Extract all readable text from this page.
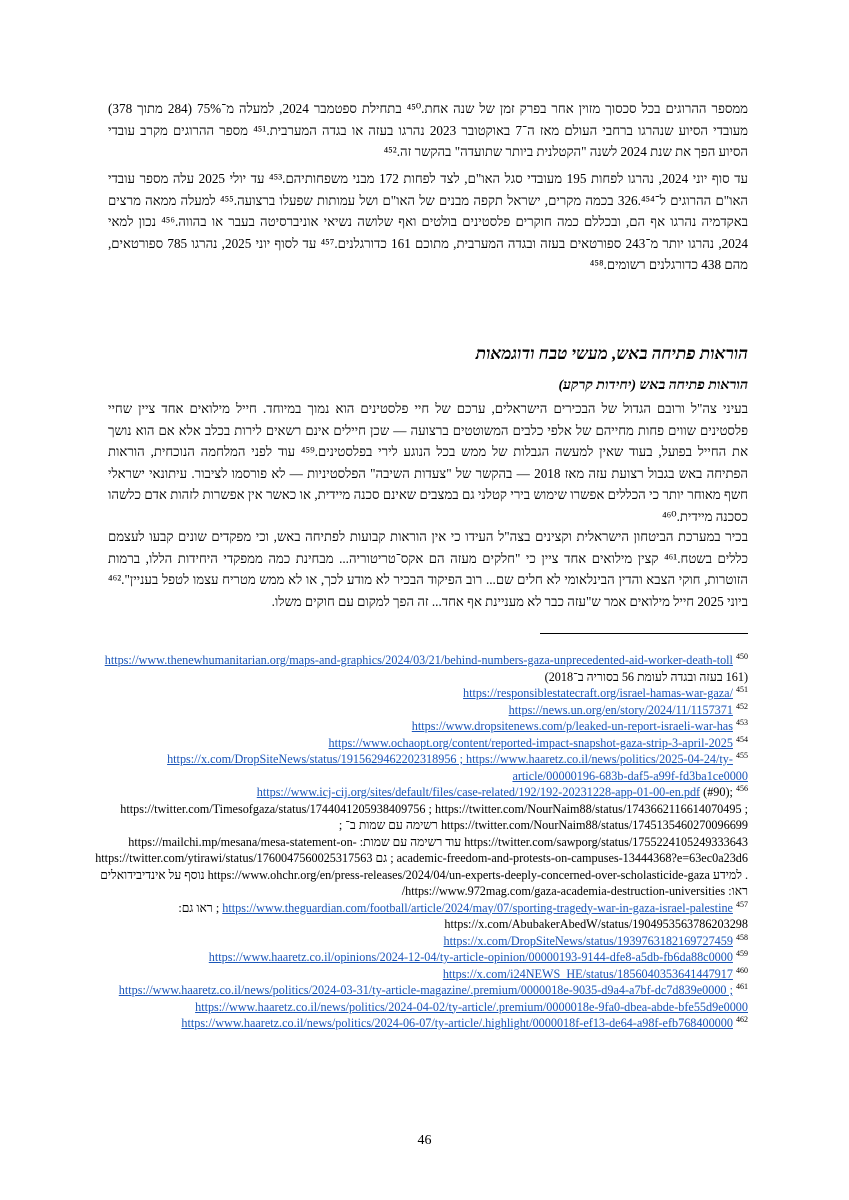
ממספר ההרוגים בכל סכסוך מזוין אחר בפרק זמן של שנה אחת.⁴⁵⁰ בתחילת ספטמבר 2024, למעלה מ־75% (284 מתוך 378) מעובדי הסיוע שנהרגו ברחבי העולם מאז ה־7 באוקטובר 2023 נהרגו בעזה או בגדה המערבית.⁴⁵¹ מספר ההרוגים מקרב עובדי הסיוע הפך את שנת 2024 לשנה "הקטלנית ביותר שתועדה" בהקשר זה.⁴⁵²

עד סוף יוני 2024, נהרגו לפחות 195 מעובדי סגל האו"ם, לצד לפחות 172 מבני משפחותיהם.⁴⁵³ עד יולי 2025 עלה מספר עובדי האו"ם ההרוגים ל־326.⁴⁵⁴ בכמה מקרים, ישראל תקפה מבנים של האו"ם ושל עמותות שפעלו ברצועה.⁴⁵⁵ למעלה ממאה מרצים באקדמיה נהרגו אף הם, ובכללם כמה חוקרים פלסטינים בולטים ואף שלושה נשיאי אוניברסיטה בעבר או בהווה.⁴⁵⁶ נכון למאי 2024, נהרגו יותר מ־243 ספורטאים בעזה ובגדה המערבית, מתוכם 161 כדורגלנים.⁴⁵⁷ עד לסוף יוני 2025, נהרגו 785 ספורטאים, מהם 438 כדורגלנים רשומים.⁴⁵⁸

הוראות פתיחה באש, מעשי טבח ודוגמאות
הוראות פתיחה באש (יחידות קרקע)

בעיני צה"ל ורובם הגדול של הבכירים הישראלים, ערכם של חיי פלסטינים הוא נמוך במיוחד. חייל מילואים אחד ציין שחיי פלסטינים שווים פחות מחייהם של אלפי כלבים המשוטטים ברצועה — שכן חיילים אינם רשאים לירות בכלב אלא אם הוא נושך את החייל בפועל, בעוד שאין למעשה הגבלות של ממש בכל הנוגע לירי בפלסטינים.⁴⁵⁹ עוד לפני המלחמה הנוכחית, הוראות הפתיחה באש בגבול רצועת עזה מאז 2018 — בהקשר של "צעדות השיבה" הפלסטיניות — לא פורסמו לציבור. עיתונאי ישראלי חשף מאוחר יותר כי הכללים אפשרו שימוש בירי קטלני גם במצבים שאינם סכנה מיידית, או כאשר אין אפשרות לזהות אדם כלשהו כסכנה מיידית.⁴⁶⁰

בכיר במערכת הביטחון הישראלית וקצינים בצה"ל העידו כי אין הוראות קבועות לפתיחה באש, וכי מפקדים שונים קבעו לעצמם כללים בשטח.⁴⁶¹ קצין מילואים אחד ציין כי "חלקים מעזה הם אקס־טריטוריה... מבחינת כמה ממפקדי היחידות הללו, ברמות הזוטרות, חוקי הצבא והדין הבינלאומי לא חלים שם... רוב הפיקוד הבכיר לא מודע לכך, או לא ממש מטריח עצמו לטפל בעניין".⁴⁶² ביוני 2025 חייל מילואים אמר ש"עזה כבר לא מעניינת אף אחד... זה הפך למקום עם חוקים משלו.

$^{450}$ https://www.thenewhumanitarian.org/maps-and-graphics/2024/03/21/behind-numbers-gaza-unprecedented-aid-worker-death-toll (161 בעזה ובגדה לעומת 56 בסוריה ב־2018)

$^{451}$ https://responsiblestatecraft.org/israel-hamas-war-gaza/

$^{452}$ https://news.un.org/en/story/2024/11/1157371

$^{453}$ https://www.dropsitenews.com/p/leaked-un-report-israeli-war-has

$^{454}$ https://www.ochaopt.org/content/reported-impact-snapshot-gaza-strip-3-april-2025

$^{455}$ https://x.com/DropSiteNews/status/1915629462202318956 ; https://www.haaretz.co.il/news/politics/2025-04-24/ty-article/00000196-683b-daf5-a99f-fd3ba1ce0000

$^{456}$ https://www.icj-cij.org/sites/default/files/case-related/192/192-20231228-app-01-00-en.pdf (#90); https://twitter.com/Timesofgaza/status/1744041205938409756 ; https://twitter.com/NourNaim88/status/1743662116614070495 ; https://twitter.com/NourNaim88/status/1745135460270096699 רשימה עם שמות ב־ ; https://twitter.com/sawporg/status/1755224105249333643 עוד רשימה עם שמות: https://mailchi.mp/mesana/mesa-statement-on-academic-freedom-and-protests-on-campuses-13444368?e=63ec0a23d6 ; גם https://twitter.com/ytirawi/status/1760047560025317563 . למידע https://www.ohchr.org/en/press-releases/2024/04/un-experts-deeply-concerned-over-scholasticide-gaza נוסף על אינדיבידואלים ראו: https://www.972mag.com/gaza-academia-destruction-universities/

$^{457}$ https://www.theguardian.com/football/article/2024/may/07/sporting-tragedy-war-in-gaza-israel-palestine ; ראו גם: https://x.com/AbubakerAbedW/status/1904953563786203298

$^{458}$ https://x.com/DropSiteNews/status/1939763182169727459

$^{459}$ https://www.haaretz.co.il/opinions/2024-12-04/ty-article-opinion/00000193-9144-dfe8-a5db-fb6da88c0000

$^{460}$ https://x.com/i24NEWS_HE/status/1856040353641447917

$^{461}$ https://www.haaretz.co.il/news/politics/2024-03-31/ty-article-magazine/.premium/0000018e-9035-d9a4-a7bf-dc7d839e0000 ; https://www.haaretz.co.il/news/politics/2024-04-02/ty-article/.premium/0000018e-9fa0-dbea-abde-bfe55d9e0000

$^{462}$ https://www.haaretz.co.il/news/politics/2024-06-07/ty-article/.highlight/0000018f-ef13-de64-a98f-efb768400000

46
